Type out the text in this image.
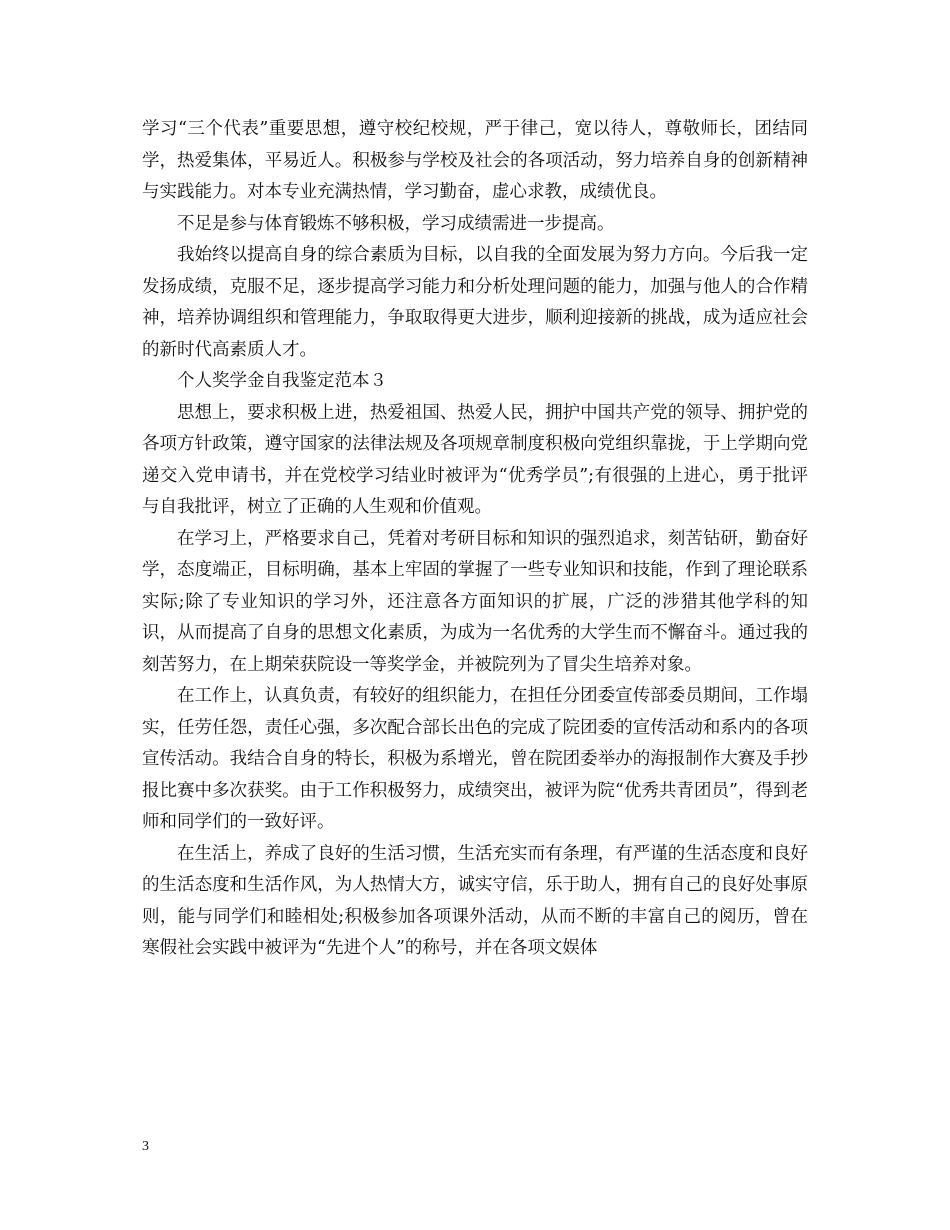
学习“三个代表”重要思想，遵守校纪校规，严于律己，宽以待人，尊敬师长，团结同学，热爱集体，平易近人。积极参与学校及社会的各项活动，努力培养自身的创新精神与实践能力。对本专业充满热情，学习勤奋，虚心求教，成绩优良。

不足是参与体育锻炼不够积极，学习成绩需进一步提高。

我始终以提高自身的综合素质为目标，以自我的全面发展为努力方向。今后我一定发扬成绩，克服不足，逐步提高学习能力和分析处理问题的能力，加强与他人的合作精神，培养协调组织和管理能力，争取取得更大进步，顺利迎接新的挑战，成为适应社会的新时代高素质人才。

个人奖学金自我鉴定范本３

思想上，要求积极上进，热爱祖国、热爱人民，拥护中国共产党的领导、拥护党的各项方针政策，遵守国家的法律法规及各项规章制度积极向党组织靠拢，于上学期向党递交入党申请书，并在党校学习结业时被评为“优秀学员”;有很强的上进心，勇于批评与自我批评，树立了正确的人生观和价值观。

在学习上，严格要求自己，凭着对考研目标和知识的强烈追求，刻苦钻研，勤奋好学，态度端正，目标明确，基本上牢固的掌握了一些专业知识和技能，作到了理论联系实际;除了专业知识的学习外，还注意各方面知识的扩展，广泛的涉猎其他学科的知识，从而提高了自身的思想文化素质，为成为一名优秀的大学生而不懈奋斗。通过我的刻苦努力，在上期荣获院设一等奖学金，并被院列为了冒尖生培养对象。

在工作上，认真负责，有较好的组织能力，在担任分团委宣传部委员期间，工作塌实，任劳任怨，责任心强，多次配合部长出色的完成了院团委的宣传活动和系内的各项宣传活动。我结合自身的特长，积极为系增光，曾在院团委举办的海报制作大赛及手抄报比赛中多次获奖。由于工作积极努力，成绩突出，被评为院“优秀共青团员”，得到老师和同学们的一致好评。

在生活上，养成了良好的生活习惯，生活充实而有条理，有严谨的生活态度和良好的生活态度和生活作风，为人热情大方，诚实守信，乐于助人，拥有自己的良好处事原则，能与同学们和睦相处;积极参加各项课外活动，从而不断的丰富自己的阅历，曾在寒假社会实践中被评为“先进个人”的称号，并在各项文娱体

3
